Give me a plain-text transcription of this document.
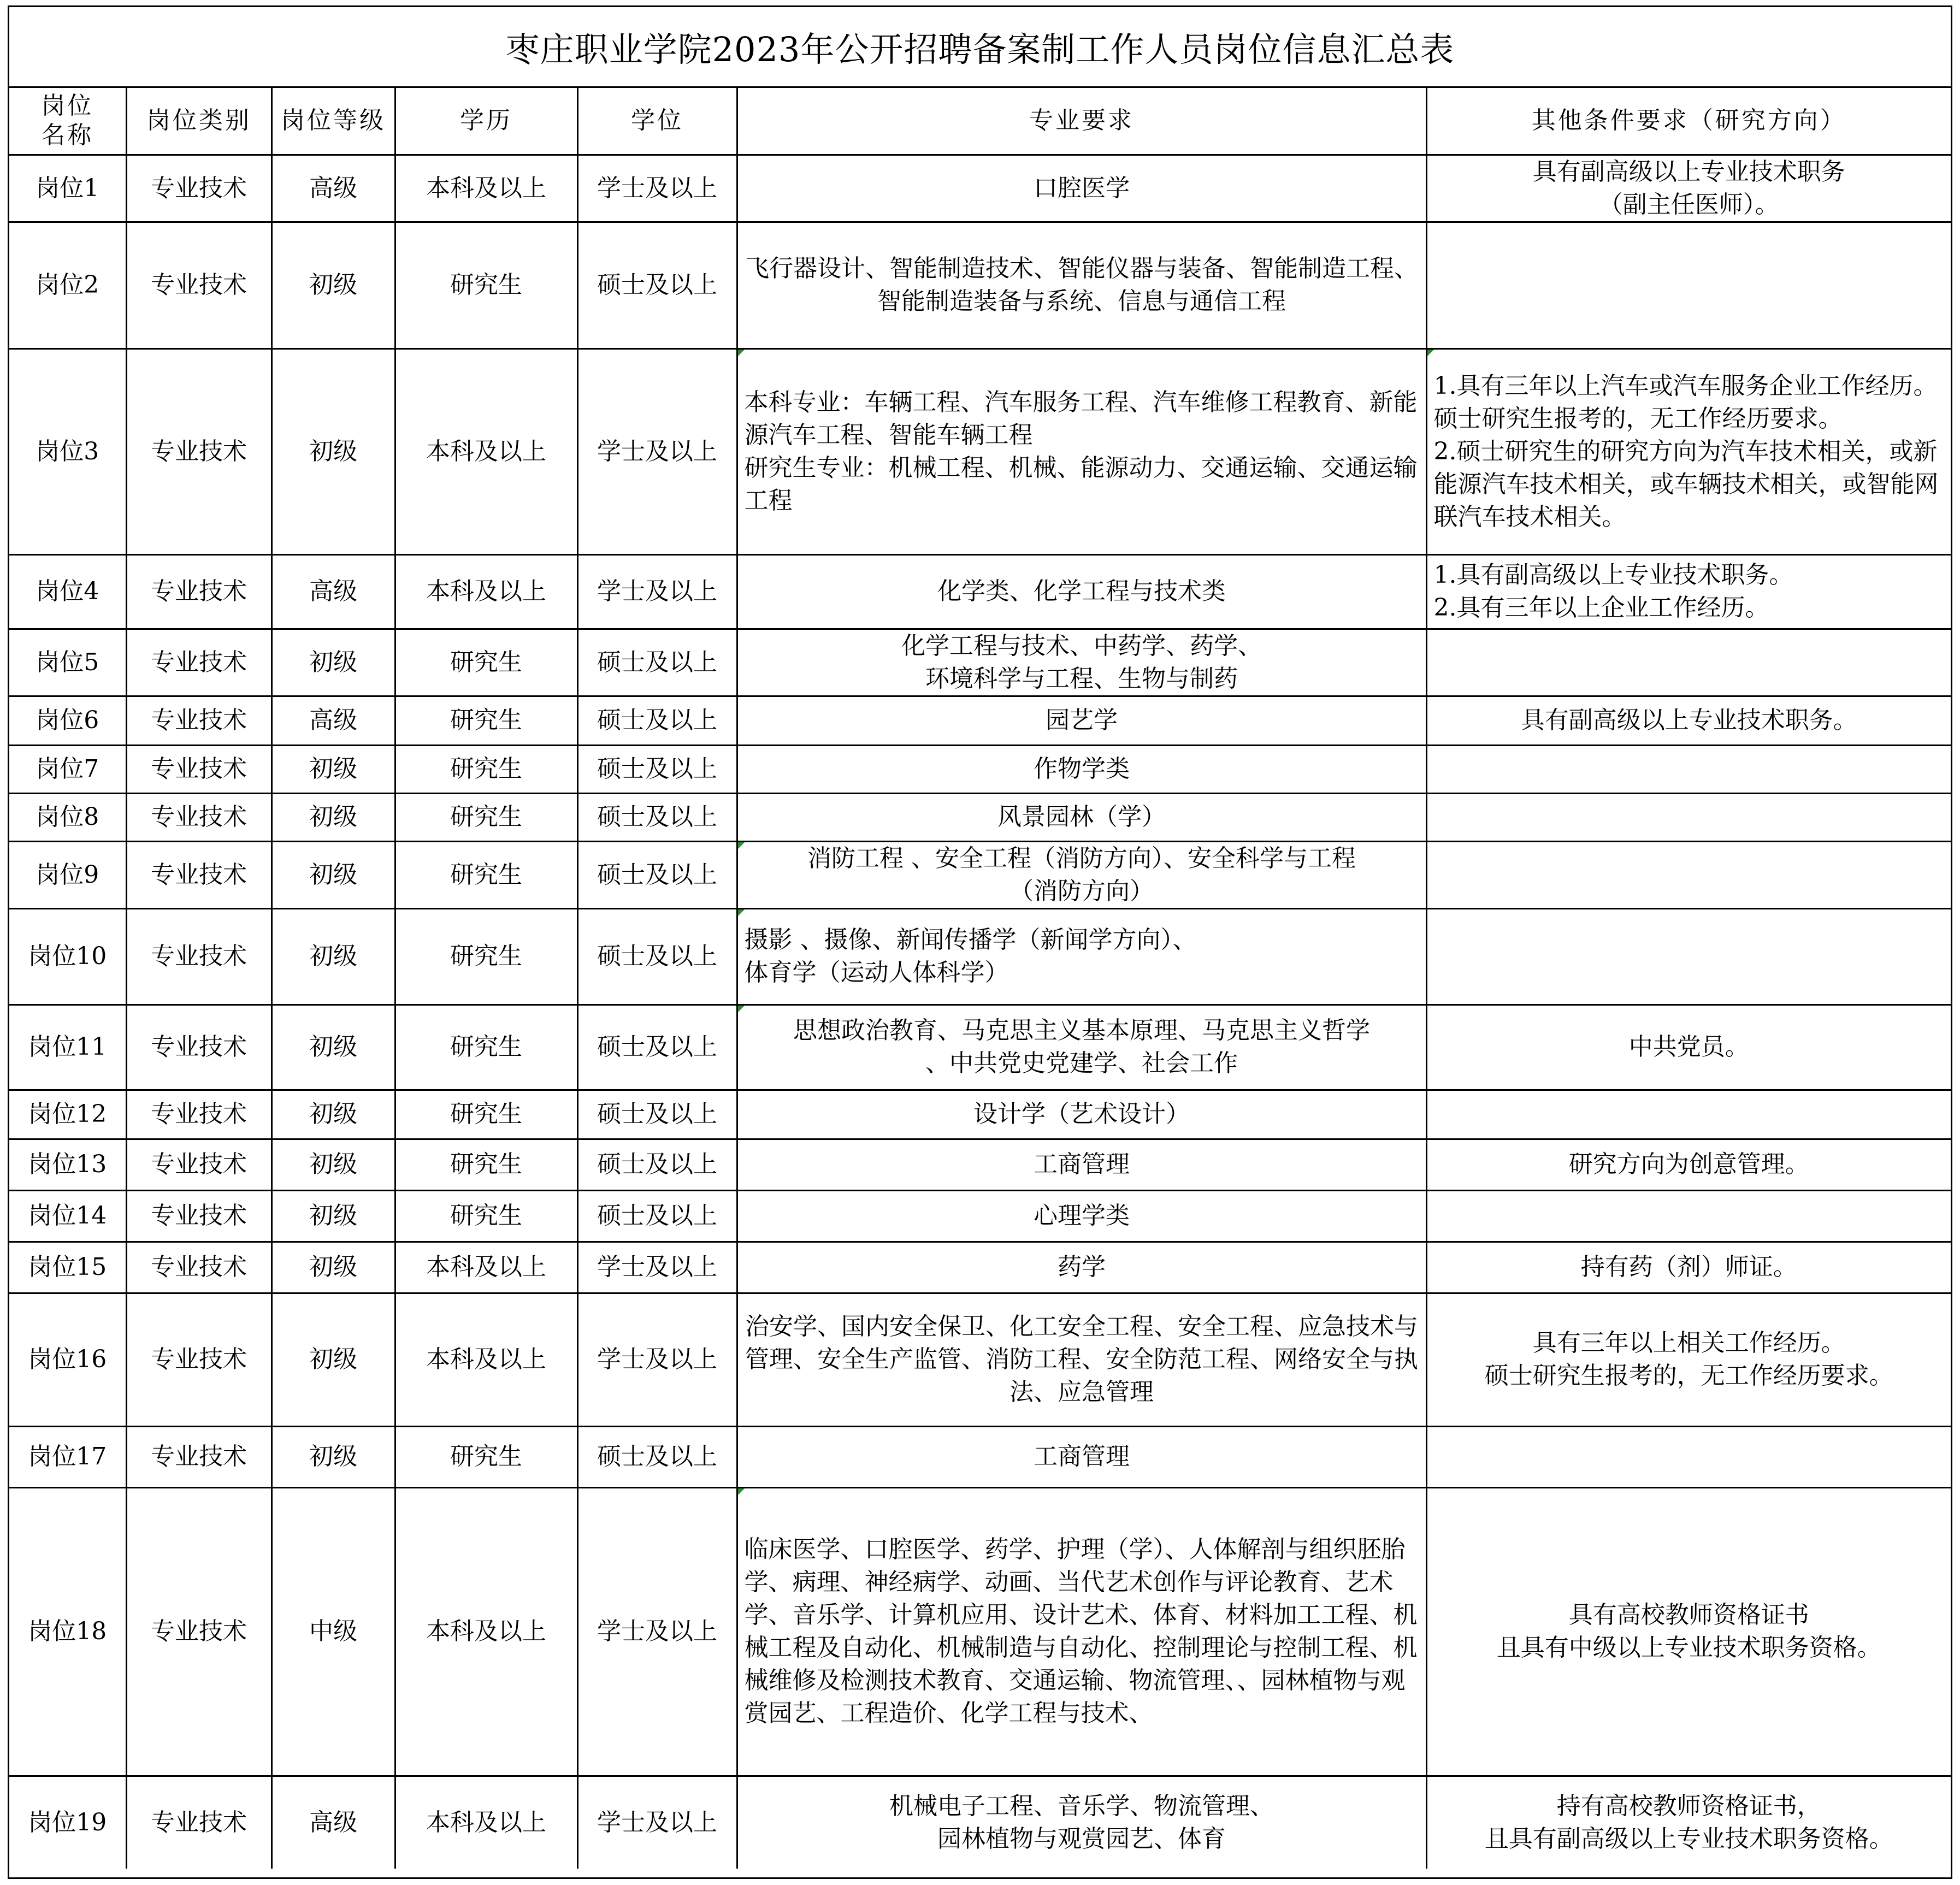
枣庄职业学院2023年公开招聘备案制工作人员岗位信息汇总表
岗位
名称	岗位类别	岗位等级	学历	学位	专业要求	其他条件要求（研究方向）
岗位1	专业技术	高级	本科及以上	学士及以上	口腔医学	具有副高级以上专业技术职务
（副主任医师）。
岗位2	专业技术	初级	研究生	硕士及以上	飞行器设计、智能制造技术、智能仪器与装备、智能制造工程、智能制造装备与系统、信息与通信工程	
岗位3	专业技术	初级	本科及以上	学士及以上	本科专业：车辆工程、汽车服务工程、汽车维修工程教育、新能源汽车工程、智能车辆工程
研究生专业：机械工程、机械、能源动力、交通运输、交通运输工程	1.具有三年以上汽车或汽车服务企业工作经历。硕士研究生报考的，无工作经历要求。
2.硕士研究生的研究方向为汽车技术相关，或新能源汽车技术相关，或车辆技术相关，或智能网联汽车技术相关。
岗位4	专业技术	高级	本科及以上	学士及以上	化学类、化学工程与技术类	1.具有副高级以上专业技术职务。
2.具有三年以上企业工作经历。
岗位5	专业技术	初级	研究生	硕士及以上	化学工程与技术、中药学、药学、
环境科学与工程、生物与制药	
岗位6	专业技术	高级	研究生	硕士及以上	园艺学	具有副高级以上专业技术职务。
岗位7	专业技术	初级	研究生	硕士及以上	作物学类	
岗位8	专业技术	初级	研究生	硕士及以上	风景园林（学）	
岗位9	专业技术	初级	研究生	硕士及以上	消防工程 、安全工程（消防方向）、安全科学与工程
（消防方向）	
岗位10	专业技术	初级	研究生	硕士及以上	摄影 、摄像、新闻传播学（新闻学方向）、
体育学（运动人体科学）	
岗位11	专业技术	初级	研究生	硕士及以上	思想政治教育、马克思主义基本原理、马克思主义哲学
、中共党史党建学、社会工作	中共党员。
岗位12	专业技术	初级	研究生	硕士及以上	设计学（艺术设计）	
岗位13	专业技术	初级	研究生	硕士及以上	工商管理	研究方向为创意管理。
岗位14	专业技术	初级	研究生	硕士及以上	心理学类	
岗位15	专业技术	初级	本科及以上	学士及以上	药学	持有药（剂）师证。
岗位16	专业技术	初级	本科及以上	学士及以上	治安学、国内安全保卫、化工安全工程、安全工程、应急技术与管理、安全生产监管、消防工程、安全防范工程、网络安全与执法、应急管理	具有三年以上相关工作经历。
硕士研究生报考的，无工作经历要求。
岗位17	专业技术	初级	研究生	硕士及以上	工商管理	
岗位18	专业技术	中级	本科及以上	学士及以上	临床医学、口腔医学、药学、护理（学）、人体解剖与组织胚胎学、病理、神经病学、动画、当代艺术创作与评论教育、艺术学、音乐学、计算机应用、设计艺术、体育、材料加工工程、机械工程及自动化、机械制造与自动化、控制理论与控制工程、机械维修及检测技术教育、交通运输、物流管理、、园林植物与观赏园艺、工程造价、化学工程与技术、	具有高校教师资格证书
且具有中级以上专业技术职务资格。
岗位19	专业技术	高级	本科及以上	学士及以上	机械电子工程、音乐学、物流管理、
园林植物与观赏园艺、体育	持有高校教师资格证书，
且具有副高级以上专业技术职务资格。
